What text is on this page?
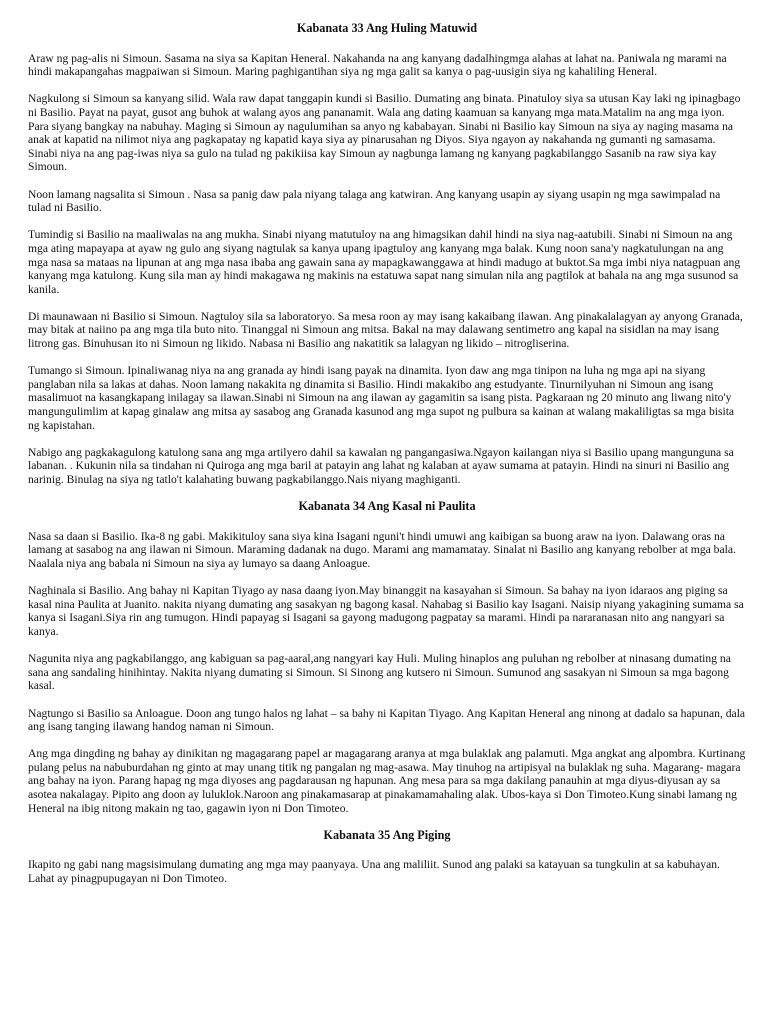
Kabanata 33 Ang Huling Matuwid

Araw ng pag-alis ni Simoun. Sasama na siya sa Kapitan Heneral. Nakahanda na ang kanyang dadalhingmga alahas at lahat na. Paniwala ng marami na hindi makapangahas magpaiwan si Simoun. Maring paghigantihan siya ng mga galit sa kanya o pag-uusigin siya ng kahaliling Heneral.

Nagkulong si Simoun sa kanyang silid. Wala raw dapat tanggapin kundi si Basilio. Dumating ang binata. Pinatuloy siya sa utusan Kay laki ng ipinagbago ni Basilio. Payat na payat, gusot ang buhok at walang ayos ang pananamit. Wala ang dating kaamuan sa kanyang mga mata.Matalim na ang mga iyon. Para siyang bangkay na nabuhay. Maging si Simoun ay nagulumihan sa anyo ng kababayan. Sinabi ni Basilio kay Simoun na siya ay naging masama na anak at kapatid na nilimot niya ang pagkapatay ng kapatid kaya siya ay pinarusahan ng Diyos. Siya ngayon ay nakahanda ng gumanti ng samasama. Sinabi niya na ang pag-iwas niya sa gulo na tulad ng pakikiisa kay Simoun ay nagbunga lamang ng kanyang pagkabilanggo Sasanib na raw siya kay Simoun.

Noon lamang nagsalita si Simoun . Nasa sa panig daw pala niyang talaga ang katwiran. Ang kanyang usapin ay siyang usapin ng mga sawimpalad na tulad ni Basilio.

Tumindig si Basilio na maaliwalas na ang mukha. Sinabi niyang matutuloy na ang himagsikan dahil hindi na siya nag-aatubili. Sinabi ni Simoun na ang mga ating mapayapa at ayaw ng gulo ang siyang nagtulak sa kanya upang ipagtuloy ang kanyang mga balak. Kung noon sana'y nagkatulungan na ang mga nasa sa mataas na lipunan at ang mga nasa ibaba ang gawain sana ay mapagkawanggawa at hindi madugo at buktot.Sa mga imbi niya natagpuan ang kanyang mga katulong. Kung sila man ay hindi makagawa ng makinis na estatuwa sapat nang simulan nila ang pagtilok at bahala na ang mga susunod sa kanila.

Di maunawaan ni Basilio si Simoun. Nagtuloy sila sa laboratoryo. Sa mesa roon ay may isang kakaibang ilawan. Ang pinakalalagyan ay anyong Granada, may bitak at naiino pa ang mga tila buto nito. Tinanggal ni Simoun ang mitsa. Bakal na may dalawang sentimetro ang kapal na sisidlan na may isang litrong gas. Binuhusan ito ni Simoun ng likido. Nabasa ni Basilio ang nakatitik sa lalagyan ng likido – nitrogliserina.

Tumango si Simoun. Ipinaliwanag niya na ang granada ay hindi isang payak na dinamita. Iyon daw ang mga tinipon na luha ng mga api na siyang panglaban nila sa lakas at dahas. Noon lamang nakakita ng dinamita si Basilio. Hindi makakibo ang estudyante. Tinurnilyuhan ni Simoun ang isang masalimuot na kasangkapang inilagay sa ilawan.Sinabi ni Simoun na ang ilawan ay gagamitin sa isang pista. Pagkaraan ng 20 minuto ang liwang nito'y mangungulimlim at kapag ginalaw ang mitsa ay sasabog ang Granada kasunod ang mga supot ng pulbura sa kainan at walang makaliligtas sa mga bisita ng kapistahan.

Nabigo ang pagkakagulong katulong sana ang mga artilyero dahil sa kawalan ng pangangasiwa.Ngayon kailangan niya si Basilio upang mangunguna sa labanan. . Kukunin nila sa tindahan ni Quiroga ang mga baril at patayin ang lahat ng kalaban at ayaw sumama at patayin. Hindi na sinuri ni Basilio ang narinig. Binulag na siya ng tatlo't kalahating buwang pagkabilanggo.Nais niyang maghiganti.

Kabanata 34 Ang Kasal ni Paulita

Nasa sa daan si Basilio. Ika-8 ng gabi. Makikituloy sana siya kina Isagani nguni't hindi umuwi ang kaibigan sa buong araw na iyon. Dalawang oras na lamang at sasabog na ang ilawan ni Simoun. Maraming dadanak na dugo. Marami ang mamamatay. Sinalat ni Basilio ang kanyang rebolber at mga bala. Naalala niya ang babala ni Simoun na siya ay lumayo sa daang Anloague.

Naghinala si Basilio. Ang bahay ni Kapitan Tiyago ay nasa daang iyon.May binanggit na kasayahan si Simoun. Sa bahay na iyon idaraos ang piging sa kasal nina Paulita at Juanito. nakita niyang dumating ang sasakyan ng bagong kasal. Nahabag si Basilio kay Isagani. Naisip niyang yakagining sumama sa kanya si Isagani.Siya rin ang tumugon. Hindi papayag si Isagani sa gayong madugong pagpatay sa marami. Hindi pa nararanasan nito ang nangyari sa kanya.

Nagunita niya ang pagkabilanggo, ang kabiguan sa pag-aaral,ang nangyari kay Huli. Muling hinaplos ang puluhan ng rebolber at ninasang dumating na sana ang sandaling hinihintay. Nakita niyang dumating si Simoun. Si Sinong ang kutsero ni Simoun. Sumunod ang sasakyan ni Simoun sa mga bagong kasal.

Nagtungo si Basilio sa Anloague. Doon ang tungo halos ng lahat – sa bahy ni Kapitan Tiyago. Ang Kapitan Heneral ang ninong at dadalo sa hapunan, dala ang isang tanging ilawang handog naman ni Simoun.

Ang mga dingding ng bahay ay dinikitan ng magagarang papel ar magagarang aranya at mga bulaklak ang palamuti. Mga angkat ang alpombra. Kurtinang pulang pelus na nabuburdahan ng ginto at may unang titik ng pangalan ng mag-asawa. May tinuhog na artipisyal na bulaklak ng suha. Magarang- magara ang bahay na iyon. Parang hapag ng mga diyoses ang pagdarausan ng hapunan. Ang mesa para sa mga dakilang panauhin at mga diyus-diyusan ay sa asotea nakalagay. Pipito ang doon ay luluklok.Naroon ang pinakamasarap at pinakamamahaling alak. Ubos-kaya si Don Timoteo.Kung sinabi lamang ng Heneral na ibig nitong makain ng tao, gagawin iyon ni Don Timoteo.

Kabanata 35 Ang Piging

Ikapito ng gabi nang magsisimulang dumating ang mga may paanyaya. Una ang maliliit. Sunod ang palaki sa katayuan sa tungkulin at sa kabuhayan. Lahat ay pinagpupugayan ni Don Timoteo.
